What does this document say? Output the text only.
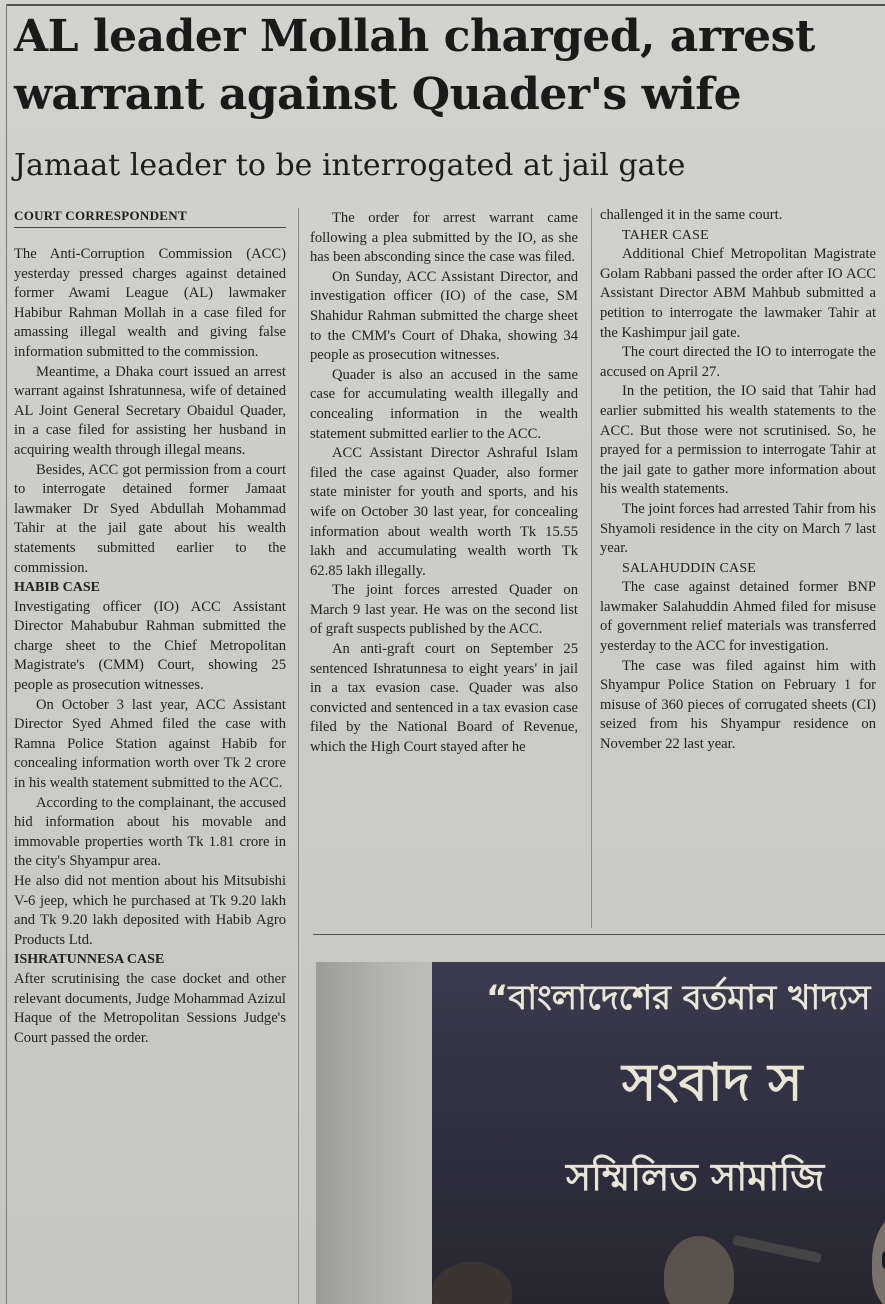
AL leader Mollah charged, arrest warrant against Quader's wife
Jamaat leader to be interrogated at jail gate
COURT CORRESPONDENT

The Anti-Corruption Commission (ACC) yesterday pressed charges against detained former Awami League (AL) lawmaker Habibur Rahman Mollah in a case filed for amassing illegal wealth and giving false information submitted to the commission.

Meantime, a Dhaka court issued an arrest warrant against Ishratunnesa, wife of detained AL Joint General Secretary Obaidul Quader, in a case filed for assisting her husband in acquiring wealth through illegal means.

Besides, ACC got permission from a court to interrogate detained former Jamaat lawmaker Dr Syed Abdullah Mohammad Tahir at the jail gate about his wealth statements submitted earlier to the commission.

HABIB CASE

Investigating officer (IO) ACC Assistant Director Mahabubur Rahman submitted the charge sheet to the Chief Metropolitan Magistrate's (CMM) Court, showing 25 people as prosecution witnesses.

On October 3 last year, ACC Assistant Director Syed Ahmed filed the case with Ramna Police Station against Habib for concealing information worth over Tk 2 crore in his wealth statement submitted to the ACC.

According to the complainant, the accused hid information about his movable and immovable properties worth Tk 1.81 crore in the city's Shyampur area.

He also did not mention about his Mitsubishi V-6 jeep, which he purchased at Tk 9.20 lakh and Tk 9.20 lakh deposited with Habib Agro Products Ltd.

ISHRATUNNESA CASE

After scrutinising the case docket and other relevant documents, Judge Mohammad Azizul Haque of the Metropolitan Sessions Judge's Court passed the order.

The order for arrest warrant came following a plea submitted by the IO, as she has been absconding since the case was filed.

On Sunday, ACC Assistant Director, and investigation officer (IO) of the case, SM Shahidur Rahman submitted the charge sheet to the CMM's Court of Dhaka, showing 34 people as prosecution witnesses.

Quader is also an accused in the same case for accumulating wealth illegally and concealing information in the wealth statement submitted earlier to the ACC.

ACC Assistant Director Ashraful Islam filed the case against Quader, also former state minister for youth and sports, and his wife on October 30 last year, for concealing information about wealth worth Tk 15.55 lakh and accumulating wealth worth Tk 62.85 lakh illegally.

The joint forces arrested Quader on March 9 last year. He was on the second list of graft suspects published by the ACC.

An anti-graft court on September 25 sentenced Ishratunnesa to eight years' in jail in a tax evasion case. Quader was also convicted and sentenced in a tax evasion case filed by the National Board of Revenue, which the High Court stayed after he

challenged it in the same court.

TAHER CASE

Additional Chief Metropolitan Magistrate Golam Rabbani passed the order after IO ACC Assistant Director ABM Mahbub submitted a petition to interrogate the lawmaker Tahir at the Kashimpur jail gate.

The court directed the IO to interrogate the accused on April 27.

In the petition, the IO said that Tahir had earlier submitted his wealth statements to the ACC. But those were not scrutinised. So, he prayed for a permission to interrogate Tahir at the jail gate to gather more information about his wealth statements.

The joint forces had arrested Tahir from his Shyamoli residence in the city on March 7 last year.

SALAHUDDIN CASE

The case against detained former BNP lawmaker Salahuddin Ahmed filed for misuse of government relief materials was transferred yesterday to the ACC for investigation.

The case was filed against him with Shyampur Police Station on February 1 for misuse of 360 pieces of corrugated sheets (CI) seized from his Shyampur residence on November 22 last year.

“বাংলাদেশের বর্তমান খাদ্যস
সংবাদ স
সম্মিলিত সামাজি
